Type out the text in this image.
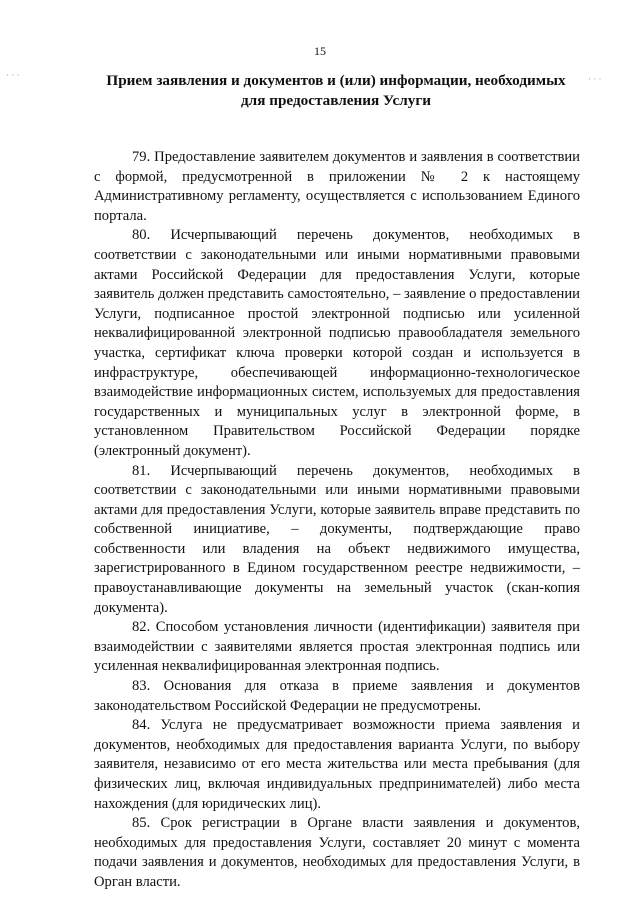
15
· · ·	· · ·
Прием заявления и документов и (или) информации, необходимых для предоставления Услуги

79. Предоставление заявителем документов и заявления в соответствии с формой, предусмотренной в приложении № 2 к настоящему Административному регламенту, осуществляется с использованием Единого портала.

80. Исчерпывающий перечень документов, необходимых в соответствии с законодательными или иными нормативными правовыми актами Российской Федерации для предоставления Услуги, которые заявитель должен представить самостоятельно, – заявление о предоставлении Услуги, подписанное простой электронной подписью или усиленной неквалифицированной электронной подписью правообладателя земельного участка, сертификат ключа проверки которой создан и используется в инфраструктуре, обеспечивающей информационно-технологическое взаимодействие информационных систем, используемых для предоставления государственных и муниципальных услуг в электронной форме, в установленном Правительством Российской Федерации порядке (электронный документ).

81. Исчерпывающий перечень документов, необходимых в соответствии с законодательными или иными нормативными правовыми актами для предоставления Услуги, которые заявитель вправе представить по собственной инициативе, – документы, подтверждающие право собственности или владения на объект недвижимого имущества, зарегистрированного в Едином государственном реестре недвижимости, – правоустанавливающие документы на земельный участок (скан-копия документа).

82. Способом установления личности (идентификации) заявителя при взаимодействии с заявителями является простая электронная подпись или усиленная неквалифицированная электронная подпись.

83. Основания для отказа в приеме заявления и документов законодательством Российской Федерации не предусмотрены.

84. Услуга не предусматривает возможности приема заявления и документов, необходимых для предоставления варианта Услуги, по выбору заявителя, независимо от его места жительства или места пребывания (для физических лиц, включая индивидуальных предпринимателей) либо места нахождения (для юридических лиц).

85. Срок регистрации в Органе власти заявления и документов, необходимых для предоставления Услуги, составляет 20 минут с момента подачи заявления и документов, необходимых для предоставления Услуги, в Орган власти.
